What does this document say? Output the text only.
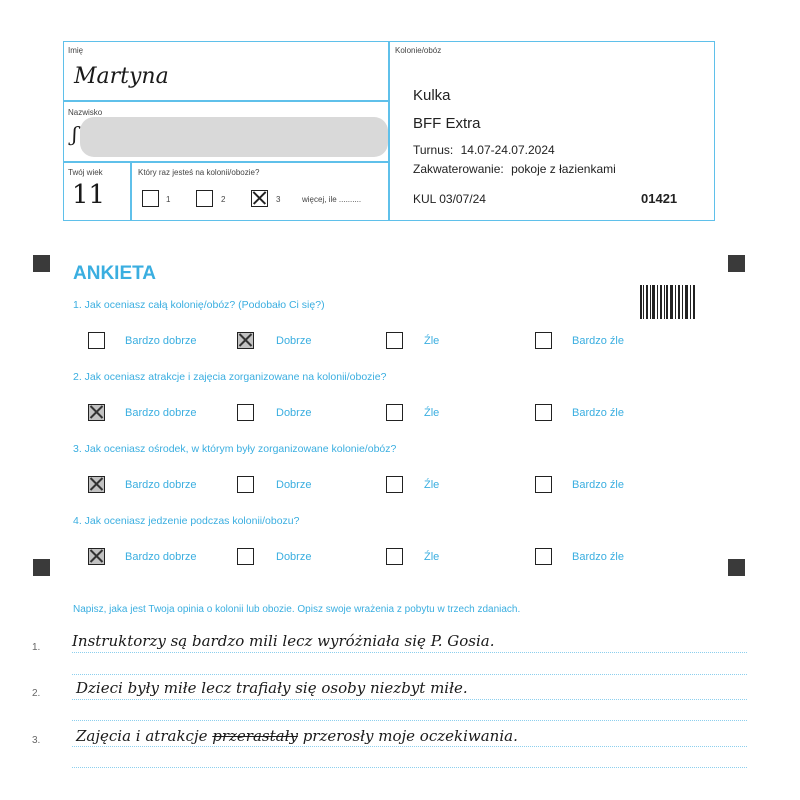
Imię
Martyna
Nazwisko
ʃ
Twój wiek
11
Który raz jesteś na kolonii/obozie?
1	2	3	więcej, ile ..........
Kolonie/obóz
Kulka
BFF Extra
Turnus: 14.07-24.07.2024
Zakwaterowanie: pokoje z łazienkami
KUL 03/07/24	01421
ANKIETA
1. Jak oceniasz całą kolonię/obóz? (Podobało Ci się?)
Bardzo dobrze	Dobrze	Źle	Bardzo źle
2. Jak oceniasz atrakcje i zajęcia zorganizowane na kolonii/obozie?
Bardzo dobrze	Dobrze	Źle	Bardzo źle
3. Jak oceniasz ośrodek, w którym były zorganizowane kolonie/obóz?
Bardzo dobrze	Dobrze	Źle	Bardzo źle
4. Jak oceniasz jedzenie podczas kolonii/obozu?
Bardzo dobrze	Dobrze	Źle	Bardzo źle
Napisz, jaka jest Twoja opinia o kolonii lub obozie. Opisz swoje wrażenia z pobytu w trzech zdaniach.
1. Instruktorzy są bardzo mili lecz wyróżniała się P. Gosia.
2. Dzieci były miłe lecz trafiały się osoby niezbyt miłe.
3. Zajęcia i atrakcje przerastały przerosły moje oczekiwania.
